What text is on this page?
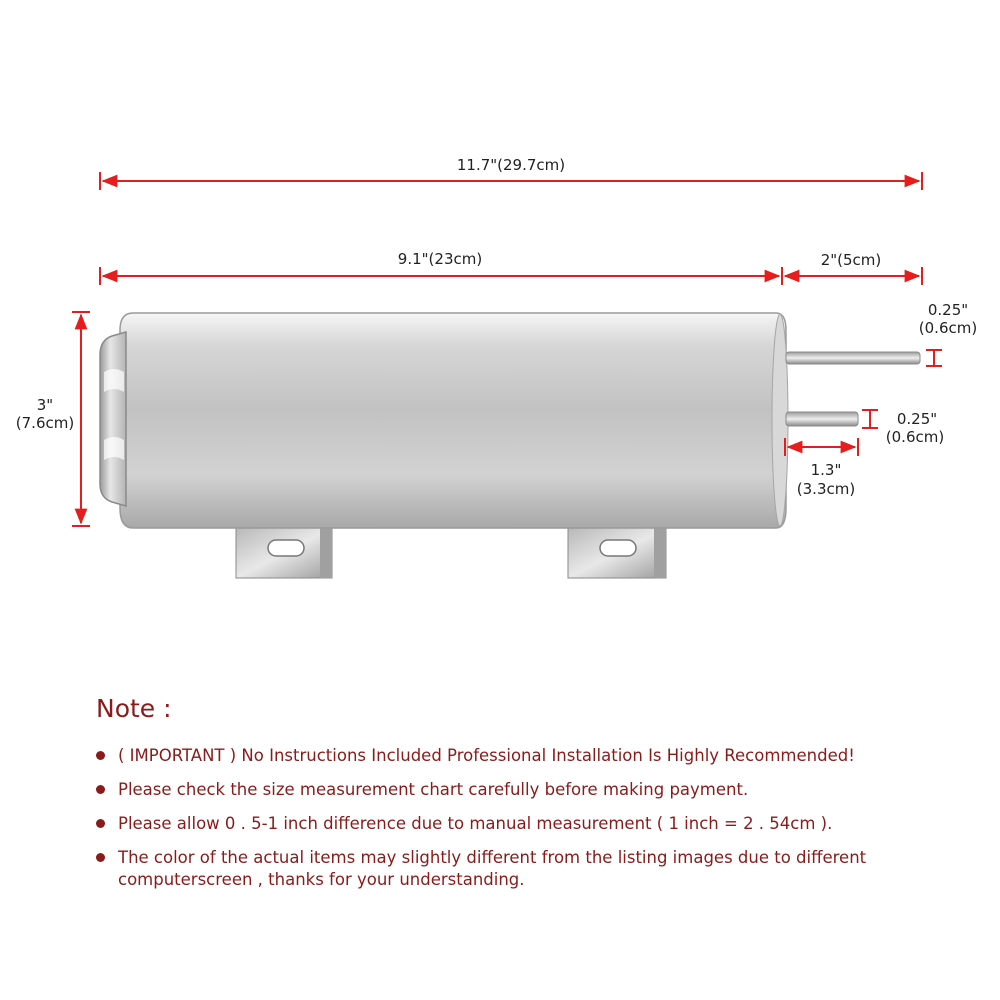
11.7"(29.7cm)
9.1"(23cm)	2"(5cm)
3"
(7.6cm)
0.25"
(0.6cm)
0.25"
(0.6cm)
1.3"
(3.3cm)
Note :
( IMPORTANT ) No Instructions Included Professional Installation Is Highly Recommended!
Please check the size measurement chart carefully before making payment.
Please allow 0 . 5-1 inch difference due to manual measurement ( 1 inch = 2 . 54cm ).
The color of the actual items may slightly different from the listing images due to different computerscreen , thanks for your understanding.
